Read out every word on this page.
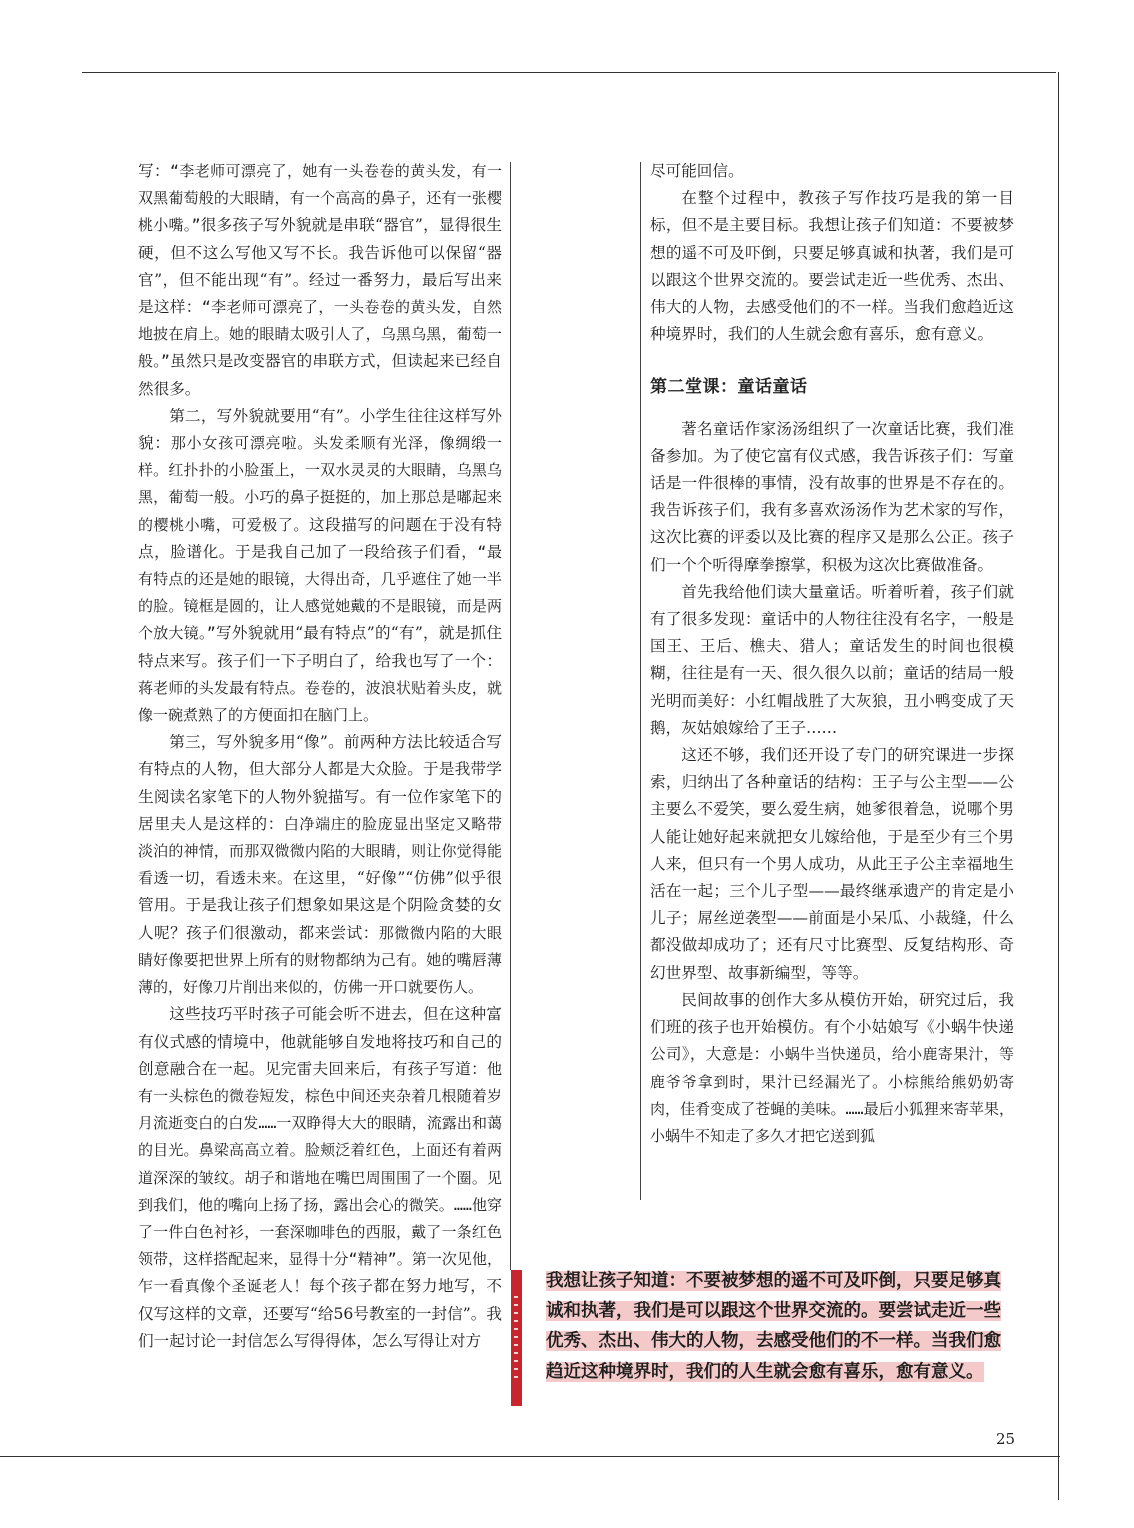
写：“李老师可漂亮了，她有一头卷卷的黄头发，有一双黑葡萄般的大眼睛，有一个高高的鼻子，还有一张樱桃小嘴。”很多孩子写外貌就是串联“器官”，显得很生硬，但不这么写他又写不长。我告诉他可以保留“器官”，但不能出现“有”。经过一番努力，最后写出来是这样：“李老师可漂亮了，一头卷卷的黄头发，自然地披在肩上。她的眼睛太吸引人了，乌黑乌黑，葡萄一般。”虽然只是改变器官的串联方式，但读起来已经自然很多。

第二，写外貌就要用“有”。小学生往往这样写外貌：那小女孩可漂亮啦。头发柔顺有光泽，像绸缎一样。红扑扑的小脸蛋上，一双水灵灵的大眼睛，乌黑乌黑，葡萄一般。小巧的鼻子挺挺的，加上那总是嘟起来的樱桃小嘴，可爱极了。这段描写的问题在于没有特点，脸谱化。于是我自己加了一段给孩子们看，“最有特点的还是她的眼镜，大得出奇，几乎遮住了她一半的脸。镜框是圆的，让人感觉她戴的不是眼镜，而是两个放大镜。”写外貌就用“最有特点”的“有”，就是抓住特点来写。孩子们一下子明白了，给我也写了一个：蒋老师的头发最有特点。卷卷的，波浪状贴着头皮，就像一碗煮熟了的方便面扣在脑门上。

第三，写外貌多用“像”。前两种方法比较适合写有特点的人物，但大部分人都是大众脸。于是我带学生阅读名家笔下的人物外貌描写。有一位作家笔下的居里夫人是这样的：白净端庄的脸庞显出坚定又略带淡泊的神情，而那双微微内陷的大眼睛，则让你觉得能看透一切，看透未来。在这里，“好像”“仿佛”似乎很管用。于是我让孩子们想象如果这是个阴险贪婪的女人呢？孩子们很激动，都来尝试：那微微内陷的大眼睛好像要把世界上所有的财物都纳为己有。她的嘴唇薄薄的，好像刀片削出来似的，仿佛一开口就要伤人。

这些技巧平时孩子可能会听不进去，但在这种富有仪式感的情境中，他就能够自发地将技巧和自己的创意融合在一起。见完雷夫回来后，有孩子写道：他有一头棕色的微卷短发，棕色中间还夹杂着几根随着岁月流逝变白的白发……一双睁得大大的眼睛，流露出和蔼的目光。鼻梁高高立着。脸颊泛着红色，上面还有着两道深深的皱纹。胡子和谐地在嘴巴周围围了一个圈。见到我们，他的嘴向上扬了扬，露出会心的微笑。……他穿了一件白色衬衫，一套深咖啡色的西服，戴了一条红色领带，这样搭配起来，显得十分“精神”。第一次见他，乍一看真像个圣诞老人！每个孩子都在努力地写，不仅写这样的文章，还要写“给56号教室的一封信”。我们一起讨论一封信怎么写得得体，怎么写得让对方

尽可能回信。

在整个过程中，教孩子写作技巧是我的第一目标，但不是主要目标。我想让孩子们知道：不要被梦想的遥不可及吓倒，只要足够真诚和执著，我们是可以跟这个世界交流的。要尝试走近一些优秀、杰出、伟大的人物，去感受他们的不一样。当我们愈趋近这种境界时，我们的人生就会愈有喜乐，愈有意义。

第二堂课：童话童话

著名童话作家汤汤组织了一次童话比赛，我们准备参加。为了使它富有仪式感，我告诉孩子们：写童话是一件很棒的事情，没有故事的世界是不存在的。我告诉孩子们，我有多喜欢汤汤作为艺术家的写作，这次比赛的评委以及比赛的程序又是那么公正。孩子们一个个听得摩拳擦掌，积极为这次比赛做准备。

首先我给他们读大量童话。听着听着，孩子们就有了很多发现：童话中的人物往往没有名字，一般是国王、王后、樵夫、猎人；童话发生的时间也很模糊，往往是有一天、很久很久以前；童话的结局一般光明而美好：小红帽战胜了大灰狼，丑小鸭变成了天鹅，灰姑娘嫁给了王子……

这还不够，我们还开设了专门的研究课进一步探索，归纳出了各种童话的结构：王子与公主型——公主要么不爱笑，要么爱生病，她爹很着急，说哪个男人能让她好起来就把女儿嫁给他，于是至少有三个男人来，但只有一个男人成功，从此王子公主幸福地生活在一起；三个儿子型——最终继承遗产的肯定是小儿子；屌丝逆袭型——前面是小呆瓜、小裁缝，什么都没做却成功了；还有尺寸比赛型、反复结构形、奇幻世界型、故事新编型，等等。

民间故事的创作大多从模仿开始，研究过后，我们班的孩子也开始模仿。有个小姑娘写《小蜗牛快递公司》，大意是：小蜗牛当快递员，给小鹿寄果汁，等鹿爷爷拿到时，果汁已经漏光了。小棕熊给熊奶奶寄肉，佳肴变成了苍蝇的美味。……最后小狐狸来寄苹果，小蜗牛不知走了多久才把它送到狐

我想让孩子知道：不要被梦想的遥不可及吓倒，只要足够真诚和执著，我们是可以跟这个世界交流的。要尝试走近一些优秀、杰出、伟大的人物，去感受他们的不一样。当我们愈趋近这种境界时，我们的人生就会愈有喜乐，愈有意义。
25
